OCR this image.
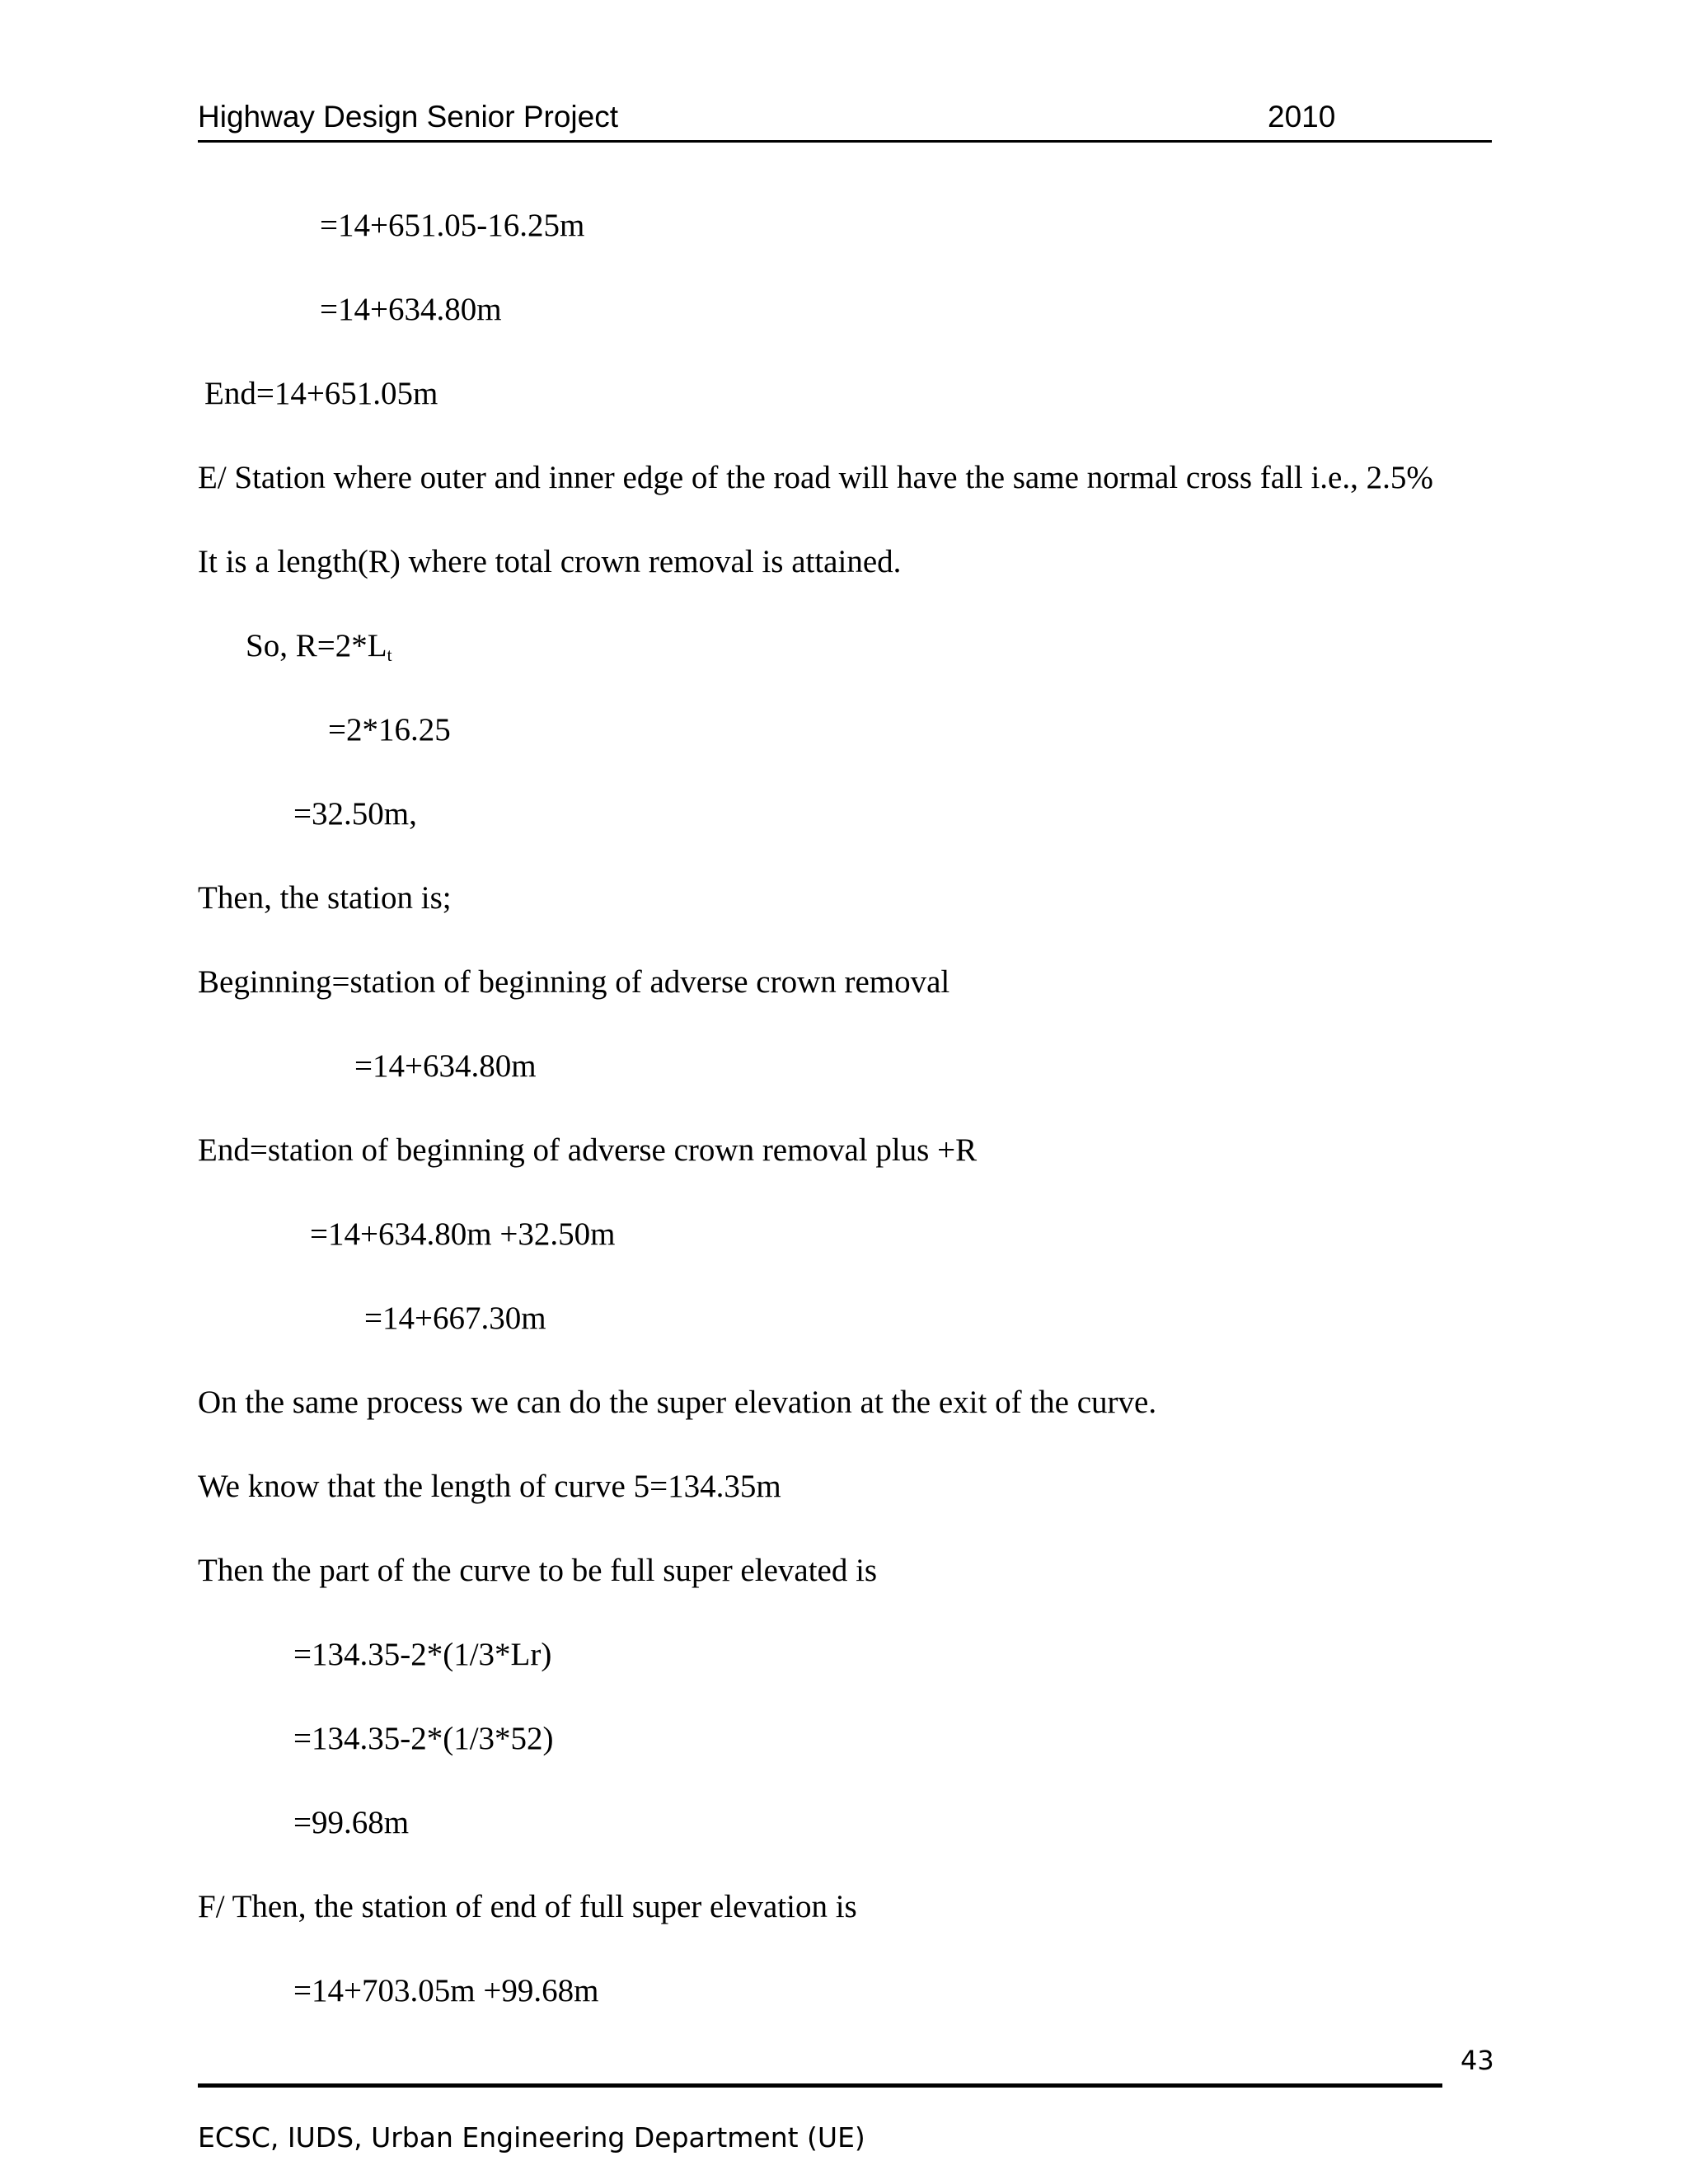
Highway Design Senior Project	2010
=14+651.05-16.25m
=14+634.80m
End=14+651.05m
E/ Station where outer and inner edge of the road will have the same normal cross fall i.e., 2.5%
It is a length(R) where total crown removal is attained.
So, $R=2*L_t$
=2*16.25
=32.50m,
Then, the station is;
Beginning=station of beginning of adverse crown removal
=14+634.80m
End=station of beginning of adverse crown removal plus +R
=14+634.80m +32.50m
=14+667.30m
On the same process we can do the super elevation at the exit of the curve.
We know that the length of curve 5=134.35m
Then the part of the curve to be full super elevated is
=134.35-2*(1/3*Lr)
=134.35-2*(1/3*52)
=99.68m
F/ Then, the station of end of full super elevation is
=14+703.05m +99.68m
43
ECSC, IUDS, Urban Engineering Department (UE)
